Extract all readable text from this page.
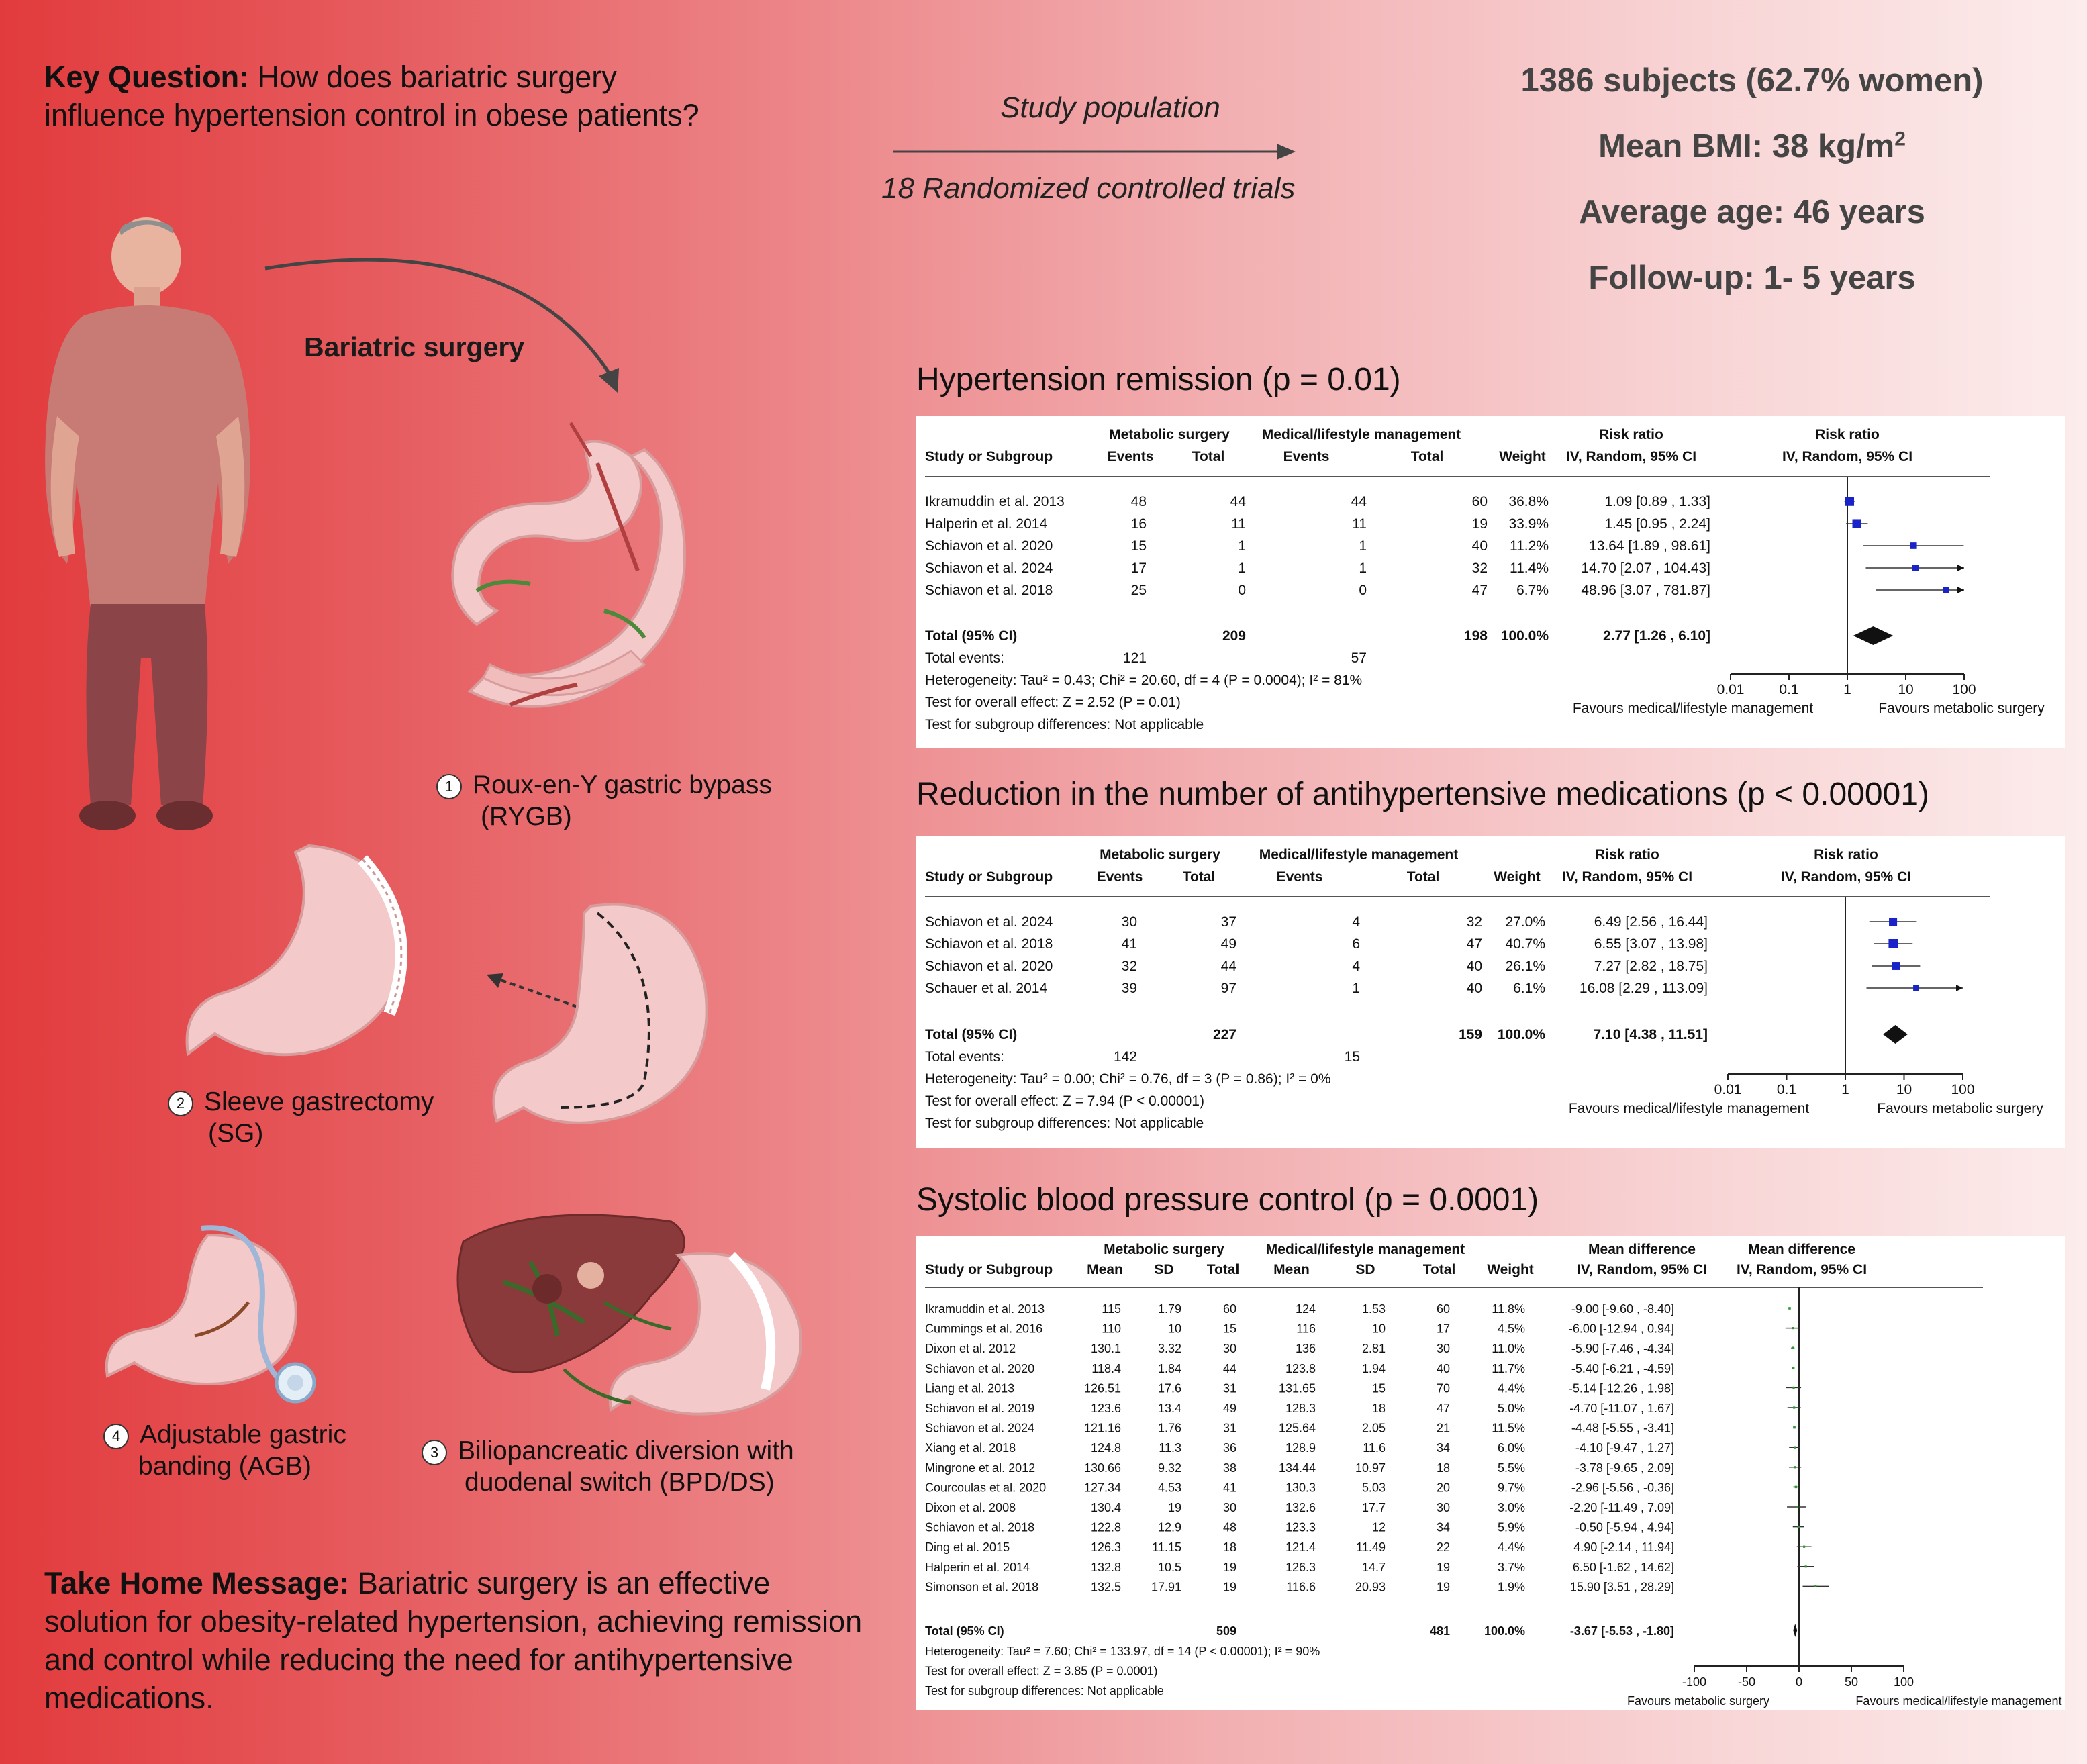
Key Question: How does bariatric surgery influence hypertension control in obese patients?	Study population
18 Randomized controlled trials
1386 subjects (62.7% women)
Mean BMI: 38 $kg/m^2$
Average age: 46 years
Follow-up: 1- 5 years
Bariatric surgery
1 Roux-en-Y gastric bypass
(RYGB)
2 Sleeve gastrectomy
(SG)
3 Biliopancreatic diversion with
duodenal switch (BPD/DS)
4 Adjustable gastric
banding (AGB)
Take Home Message: Bariatric surgery is an effective solution for obesity-related hypertension, achieving remission and control while reducing the need for antihypertensive medications.
Hypertension remission (p = 0.01)
Reduction in the number of antihypertensive medications (p < 0.00001)
Systolic blood pressure control (p = 0.0001)
Metabolic surgery Medical/lifestyle management	Risk ratio	Risk ratio
Study or Subgroup	Events	Total	Events	Total	Weight IV, Random, 95% CI	IV, Random, 95% CI
Ikramuddin et al. 2013	48	44	44	60 36.8%	1.09 [0.89 , 1.33]
Halperin et al. 2014	16	11	11	19 33.9%	1.45 [0.95 , 2.24]
Schiavon et al. 2020	15	1	1	40 11.2%	13.64 [1.89 , 98.61]
Schiavon et al. 2024	17	1	1	32 11.4% 14.70 [2.07 , 104.43]
Schiavon et al. 2018	25	0	0	47 6.7% 48.96 [3.07 , 781.87]
Total (95% CI)	209	198 100.0%	2.77 [1.26 , 6.10]
Total events:	121	57
Heterogeneity: Tau² = 0.43; Chi² = 20.60, df = 4 (P = 0.0004); I² = 81%
Test for overall effect: Z = 2.52 (P = 0.01)
Test for subgroup differences: Not applicable
0.01 0.1	1	10	100
Favours medical/lifestyle management	Favours metabolic surgery
Metabolic surgery	Medical/lifestyle management	Risk ratio	Risk ratio
Study or Subgroup	Events	Total	Events	Total	Weight IV, Random, 95% CI	IV, Random, 95% CI
Schiavon et al. 2024	30	37	4	32 27.0%	6.49 [2.56 , 16.44]
Schiavon et al. 2018	41	49	6	47 40.7%	6.55 [3.07 , 13.98]
Schiavon et al. 2020	32	44	4	40 26.1%	7.27 [2.82 , 18.75]
Schauer et al. 2014	39	97	1	40 6.1% 16.08 [2.29 , 113.09]
Total (95% CI)	227	159 100.0%	7.10 [4.38 , 11.51]
Total events:	142	15
Heterogeneity: Tau² = 0.00; Chi² = 0.76, df = 3 (P = 0.86); I² = 0%
Test for overall effect: Z = 7.94 (P < 0.00001)
Test for subgroup differences: Not applicable
0.01 0.1	1	10	100
Favours medical/lifestyle management	Favours metabolic surgery
Metabolic surgery	Medical/lifestyle management	Mean difference	Mean difference
Study or Subgroup Mean SD Total Mean	SD	Total Weight	IV, Random, 95% CI IV, Random, 95% CI
Ikramuddin et al. 2013	115	1.79	60	124	1.53	60	11.8%	-9.00 [-9.60 , -8.40]
Cummings et al. 2016	110	10	15	116	10	17	4.5%	-6.00 [-12.94 , 0.94]
Dixon et al. 2012	130.1	3.32	30	136	2.81	30	11.0%	-5.90 [-7.46 , -4.34]
Schiavon et al. 2020	118.4	1.84	44	123.8	1.94	40	11.7%	-5.40 [-6.21 , -4.59]
Liang et al. 2013	126.51	17.6	31	131.65	15	70	4.4%	-5.14 [-12.26 , 1.98]
Schiavon et al. 2019	123.6	13.4	49	128.3	18	47	5.0%	-4.70 [-11.07 , 1.67]
Schiavon et al. 2024	121.16	1.76	31	125.64	2.05	21	11.5%	-4.48 [-5.55 , -3.41]
Xiang et al. 2018	124.8	11.3	36	128.9	11.6	34	6.0%	-4.10 [-9.47 , 1.27]
Mingrone et al. 2012	130.66	9.32	38	134.44	10.97	18	5.5%	-3.78 [-9.65 , 2.09]
Courcoulas et al. 2020	127.34	4.53	41	130.3	5.03	20	9.7%	-2.96 [-5.56 , -0.36]
Dixon et al. 2008	130.4	19	30	132.6	17.7	30	3.0%	-2.20 [-11.49 , 7.09]
Schiavon et al. 2018	122.8	12.9	48	123.3	12	34	5.9%	-0.50 [-5.94 , 4.94]
Ding et al. 2015	126.3	11.15	18	121.4	11.49	22	4.4%	4.90 [-2.14 , 11.94]
Halperin et al. 2014	132.8	10.5	19	126.3	14.7	19	3.7%	6.50 [-1.62 , 14.62]
Simonson et al. 2018	132.5 17.91	19	116.6	20.93	19	1.9%	15.90 [3.51 , 28.29]
Total (95% CI)	509	481	100.0%	-3.67 [-5.53 , -1.80]
Heterogeneity: Tau² = 7.60; Chi² = 133.97, df = 14 (P < 0.00001); I² = 90%
Test for overall effect: Z = 3.85 (P = 0.0001)
Test for subgroup differences: Not applicable
-100	-50	0	50	100
Favours metabolic surgery	Favours medical/lifestyle management
